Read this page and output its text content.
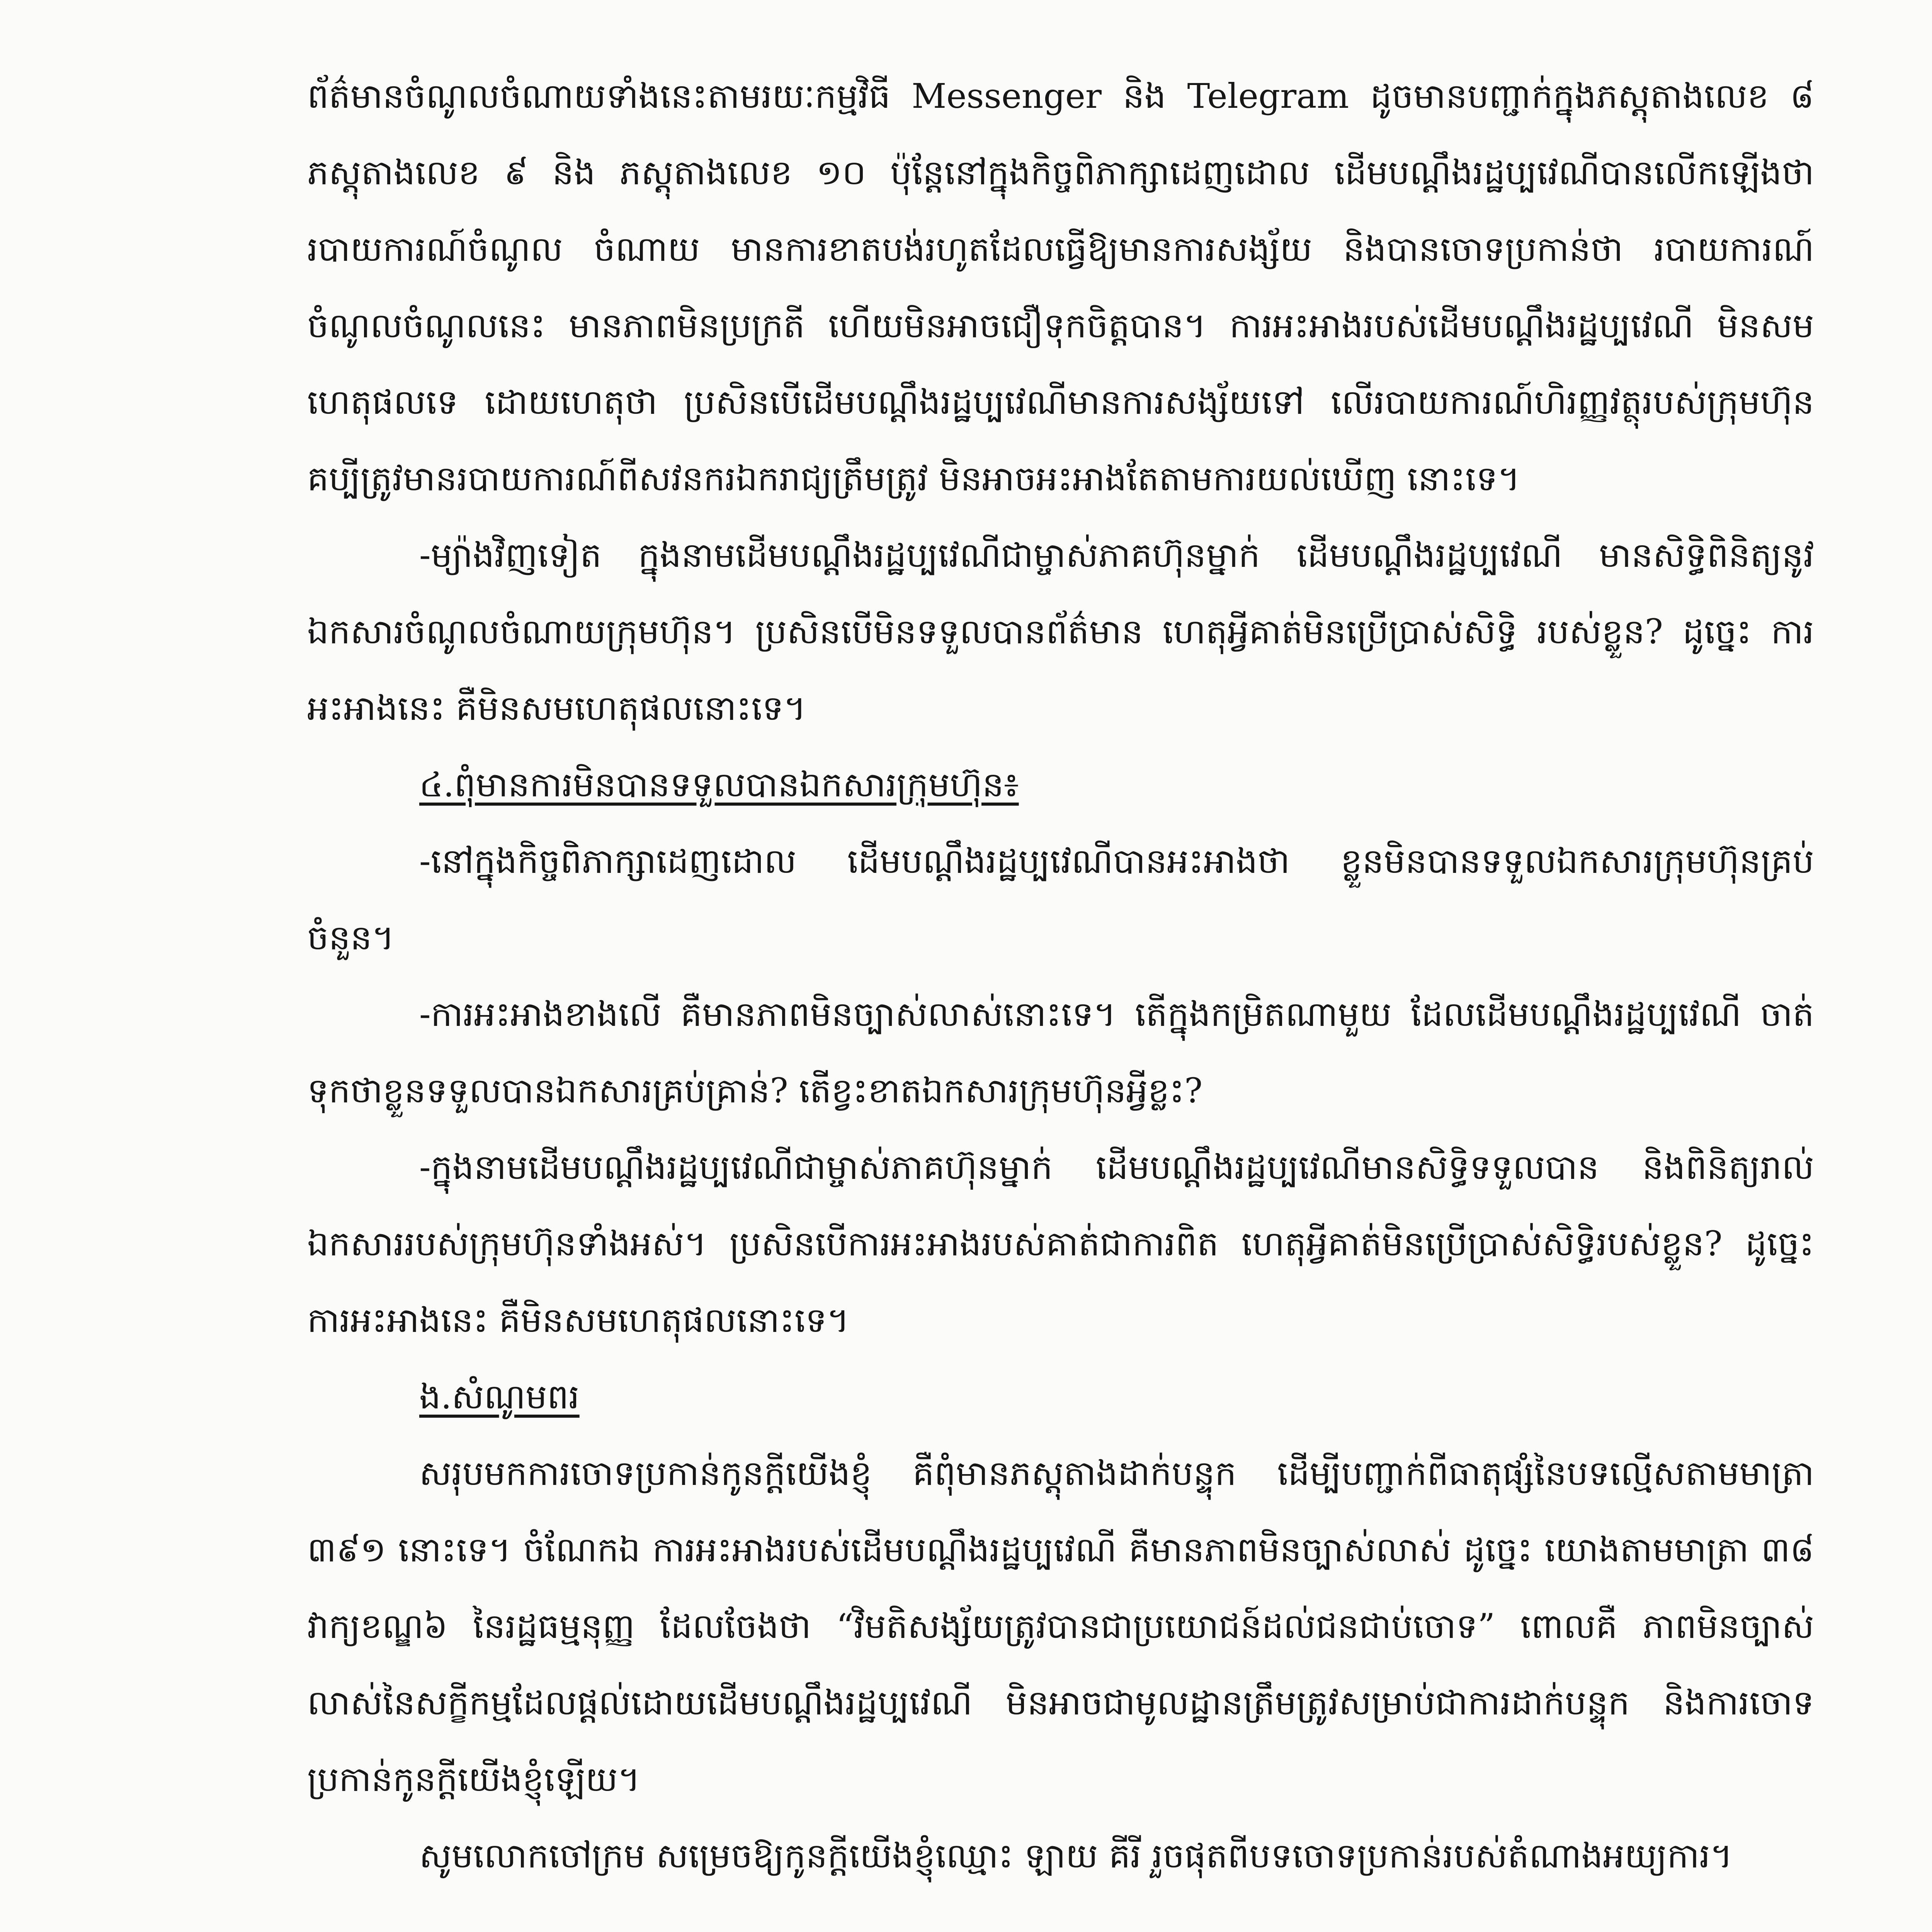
ព័ត៌មានចំណូលចំណាយទាំងនេះតាមរយៈកម្មវិធី Messenger និង Telegram ដូចមានបញ្ជាក់ក្នុងភស្តុតាងលេខ ៨ ភស្តុតាងលេខ ៩ និង ភស្តុតាងលេខ ១០ ប៉ុន្តែនៅក្នុងកិច្ចពិភាក្សាដេញដោល ដើមបណ្ដឹងរដ្ឋប្បវេណីបានលើកឡើងថា របាយការណ៍ចំណូល ចំណាយ មានការខាតបង់រហូតដែលធ្វើឱ្យមានការសង្ស័យ និងបានចោទប្រកាន់ថា របាយការណ៍ ចំណូលចំណូលនេះ មានភាពមិនប្រក្រតី ហើយមិនអាចជឿទុកចិត្តបាន។ ការអះអាងរបស់ដើមបណ្ដឹងរដ្ឋប្បវេណី មិនសមហេតុផលទេ ដោយហេតុថា ប្រសិនបើដើមបណ្ដឹងរដ្ឋប្បវេណីមានការសង្ស័យទៅ លើរបាយការណ៍ហិរញ្ញវត្ថុរបស់ក្រុមហ៊ុន គប្បីត្រូវមានរបាយការណ៍ពីសវនករឯករាជ្យត្រឹមត្រូវ មិនអាចអះអាងតែតាមការយល់ឃើញ នោះទេ។

-ម្យ៉ាងវិញទៀត ក្នុងនាមដើមបណ្ដឹងរដ្ឋប្បវេណីជាម្ចាស់ភាគហ៊ុនម្នាក់ ដើមបណ្ដឹងរដ្ឋប្បវេណី មានសិទ្ធិពិនិត្យនូវឯកសារចំណូលចំណាយក្រុមហ៊ុន។ ប្រសិនបើមិនទទួលបានព័ត៌មាន ហេតុអ្វីគាត់មិនប្រើប្រាស់សិទ្ធិ របស់ខ្លួន? ដូច្នេះ ការអះអាងនេះ គឺមិនសមហេតុផលនោះទេ។

៤.ពុំមានការមិនបានទទួលបានឯកសារក្រុមហ៊ុន៖

-នៅក្នុងកិច្ចពិភាក្សាដេញដោល ដើមបណ្ដឹងរដ្ឋប្បវេណីបានអះអាងថា ខ្លួនមិនបានទទួលឯកសារក្រុមហ៊ុនគ្រប់ចំនួន។

-ការអះអាងខាងលើ គឺមានភាពមិនច្បាស់លាស់នោះទេ។ តើក្នុងកម្រិតណាមួយ ដែលដើមបណ្ដឹងរដ្ឋប្បវេណី ចាត់ទុកថាខ្លួនទទួលបានឯកសារគ្រប់គ្រាន់? តើខ្វះខាតឯកសារក្រុមហ៊ុនអ្វីខ្លះ?

-ក្នុងនាមដើមបណ្ដឹងរដ្ឋប្បវេណីជាម្ចាស់ភាគហ៊ុនម្នាក់ ដើមបណ្ដឹងរដ្ឋប្បវេណីមានសិទ្ធិទទួលបាន និងពិនិត្យរាល់ឯកសាររបស់ក្រុមហ៊ុនទាំងអស់។ ប្រសិនបើការអះអាងរបស់គាត់ជាការពិត ហេតុអ្វីគាត់មិនប្រើប្រាស់សិទ្ធិរបស់ខ្លួន? ដូច្នេះ ការអះអាងនេះ គឺមិនសមហេតុផលនោះទេ។

ង.សំណូមពរ

សរុបមកការចោទប្រកាន់កូនក្ដីយើងខ្ញុំ គឺពុំមានភស្តុតាងដាក់បន្ទុក ដើម្បីបញ្ជាក់ពីធាតុផ្សំនៃបទល្មើសតាមមាត្រា ៣៩១ នោះទេ។ ចំណែកឯ ការអះអាងរបស់ដើមបណ្ដឹងរដ្ឋប្បវេណី គឺមានភាពមិនច្បាស់លាស់ ដូច្នេះ យោងតាមមាត្រា ៣៨ វាក្យខណ្ឌ៦ នៃរដ្ឋធម្មនុញ្ញ ដែលចែងថា “វិមតិសង្ស័យត្រូវបានជាប្រយោជន៍ដល់ជនជាប់ចោទ” ពោលគឺ ភាពមិនច្បាស់លាស់នៃសក្ខីកម្មដែលផ្ដល់ដោយដើមបណ្ដឹងរដ្ឋប្បវេណី មិនអាចជាមូលដ្ឋានត្រឹមត្រូវសម្រាប់ជាការដាក់បន្ទុក និងការចោទប្រកាន់កូនក្ដីយើងខ្ញុំឡើយ។

សូមលោកចៅក្រម សម្រេចឱ្យកូនក្ដីយើងខ្ញុំឈ្មោះ ឡាយ គីរី រួចផុតពីបទចោទប្រកាន់របស់តំណាងអយ្យការ។
